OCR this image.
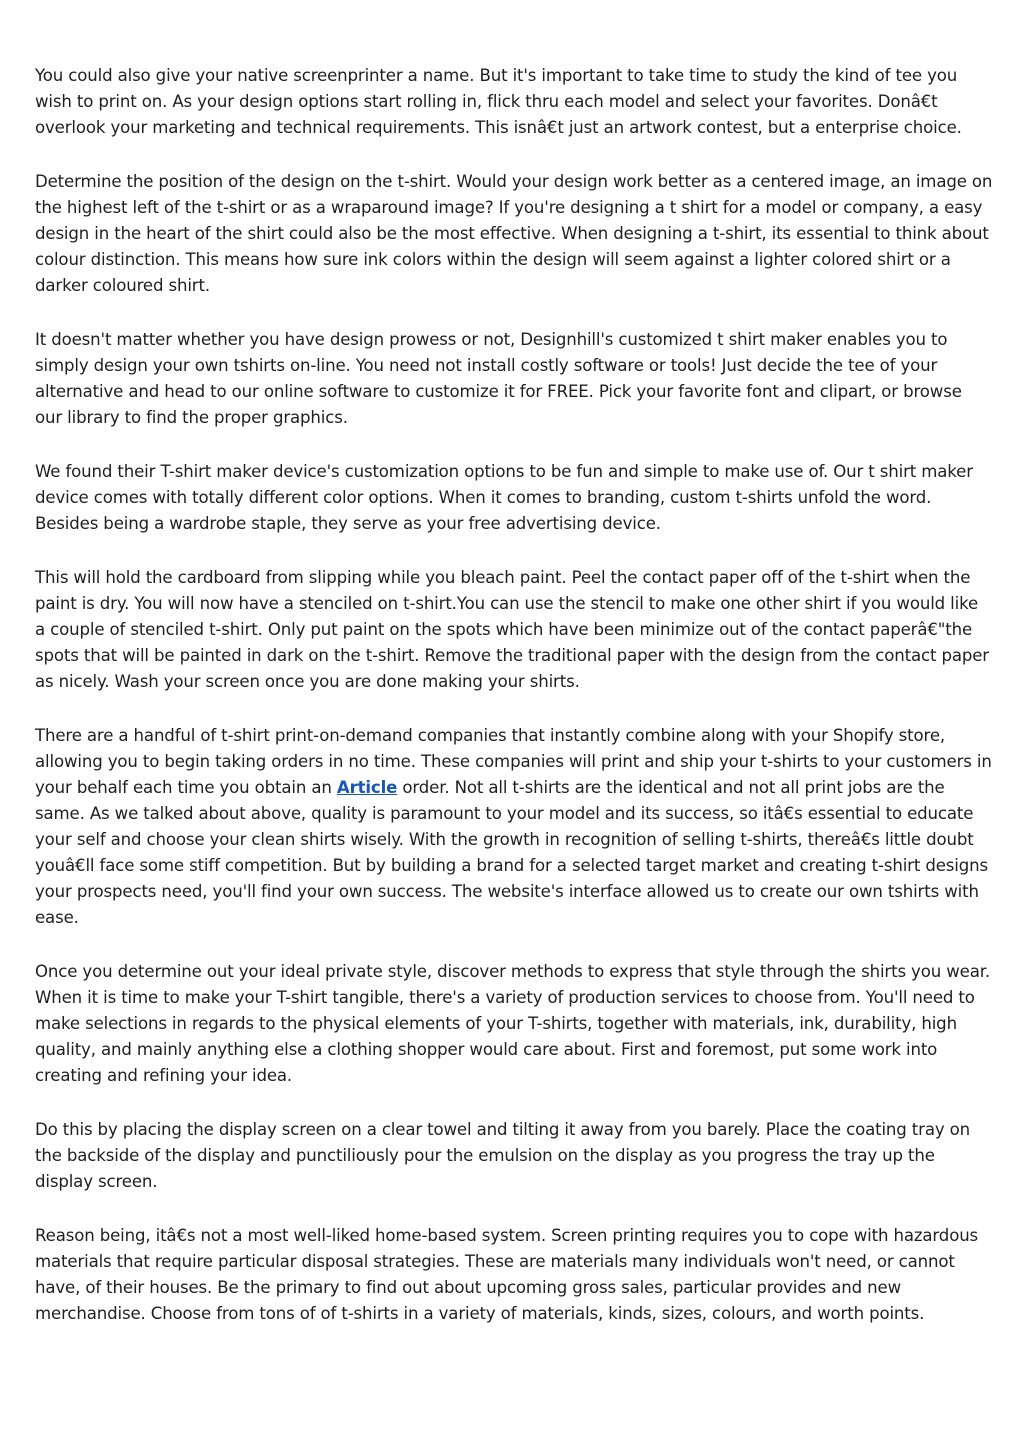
You could also give your native screenprinter a name. But it's important to take time to study the kind of tee you wish to print on. As your design options start rolling in, flick thru each model and select your favorites. Donâ€t overlook your marketing and technical requirements. This isnâ€t just an artwork contest, but a enterprise choice.

Determine the position of the design on the t-shirt. Would your design work better as a centered image, an image on the highest left of the t-shirt or as a wraparound image? If you're designing a t shirt for a model or company, a easy design in the heart of the shirt could also be the most effective. When designing a t-shirt, its essential to think about colour distinction. This means how sure ink colors within the design will seem against a lighter colored shirt or a darker coloured shirt.

It doesn't matter whether you have design prowess or not, Designhill's customized t shirt maker enables you to simply design your own tshirts on-line. You need not install costly software or tools! Just decide the tee of your alternative and head to our online software to customize it for FREE. Pick your favorite font and clipart, or browse our library to find the proper graphics.

We found their T-shirt maker device's customization options to be fun and simple to make use of. Our t shirt maker device comes with totally different color options. When it comes to branding, custom t-shirts unfold the word. Besides being a wardrobe staple, they serve as your free advertising device.

This will hold the cardboard from slipping while you bleach paint. Peel the contact paper off of the t-shirt when the paint is dry. You will now have a stenciled on t-shirt.You can use the stencil to make one other shirt if you would like a couple of stenciled t-shirt. Only put paint on the spots which have been minimize out of the contact paperâ€"the spots that will be painted in dark on the t-shirt. Remove the traditional paper with the design from the contact paper as nicely. Wash your screen once you are done making your shirts.

There are a handful of t-shirt print-on-demand companies that instantly combine along with your Shopify store, allowing you to begin taking orders in no time. These companies will print and ship your t-shirts to your customers in your behalf each time you obtain an Article order. Not all t-shirts are the identical and not all print jobs are the same. As we talked about above, quality is paramount to your model and its success, so itâ€s essential to educate your self and choose your clean shirts wisely. With the growth in recognition of selling t-shirts, thereâ€s little doubt youâ€ll face some stiff competition. But by building a brand for a selected target market and creating t-shirt designs your prospects need, you'll find your own success. The website's interface allowed us to create our own tshirts with ease.

Once you determine out your ideal private style, discover methods to express that style through the shirts you wear. When it is time to make your T-shirt tangible, there's a variety of production services to choose from. You'll need to make selections in regards to the physical elements of your T-shirts, together with materials, ink, durability, high quality, and mainly anything else a clothing shopper would care about. First and foremost, put some work into creating and refining your idea.

Do this by placing the display screen on a clear towel and tilting it away from you barely. Place the coating tray on the backside of the display and punctiliously pour the emulsion on the display as you progress the tray up the display screen.

Reason being, itâ€s not a most well-liked home-based system. Screen printing requires you to cope with hazardous materials that require particular disposal strategies. These are materials many individuals won't need, or cannot have, of their houses. Be the primary to find out about upcoming gross sales, particular provides and new merchandise. Choose from tons of of t-shirts in a variety of materials, kinds, sizes, colours, and worth points.
